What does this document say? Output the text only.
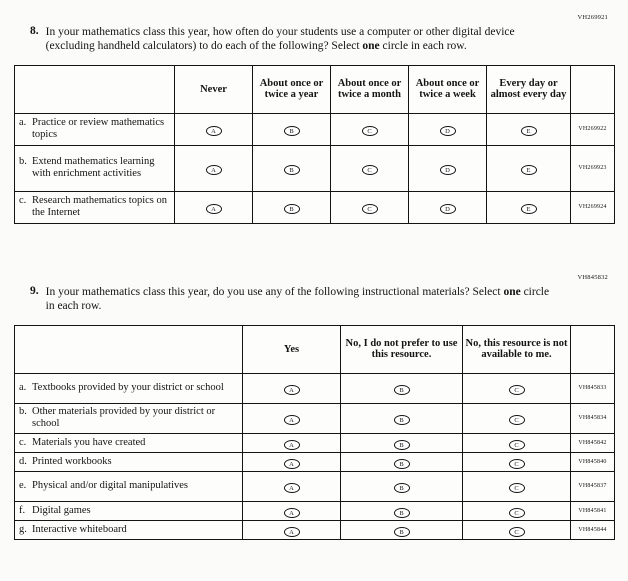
VH269921
8. In your mathematics class this year, how often do your students use a computer or other digital device (excluding handheld calculators) to do each of the following? Select one circle in each row.

	Never	About once or twice a year	About once or twice a month	About once or twice a week	Every day or almost every day	

a. Practice or review mathematics topics	A	B	C	D	E	VH269922

b. Extend mathematics learning with enrichment activities	A	B	C	D	E	VH269923

c. Research mathematics topics on the Internet	A	B	C	D	E	VH269924
VH845832
9. In your mathematics class this year, do you use any of the following instructional materials? Select one circle in each row.

	Yes	No, I do not prefer to use this resource.	No, this resource is not available to me.	

a. Textbooks provided by your district or school	A	B	C	VH845833

b. Other materials provided by your district or school	A	B	C	VH845834

c. Materials you have created	A	B	C	VH845842

d. Printed workbooks	A	B	C	VH845840

e. Physical and/or digital manipulatives	A	B	C	VH845837

f. Digital games	A	B	C	VH845841

g. Interactive whiteboard	A	B	C	VH845844
